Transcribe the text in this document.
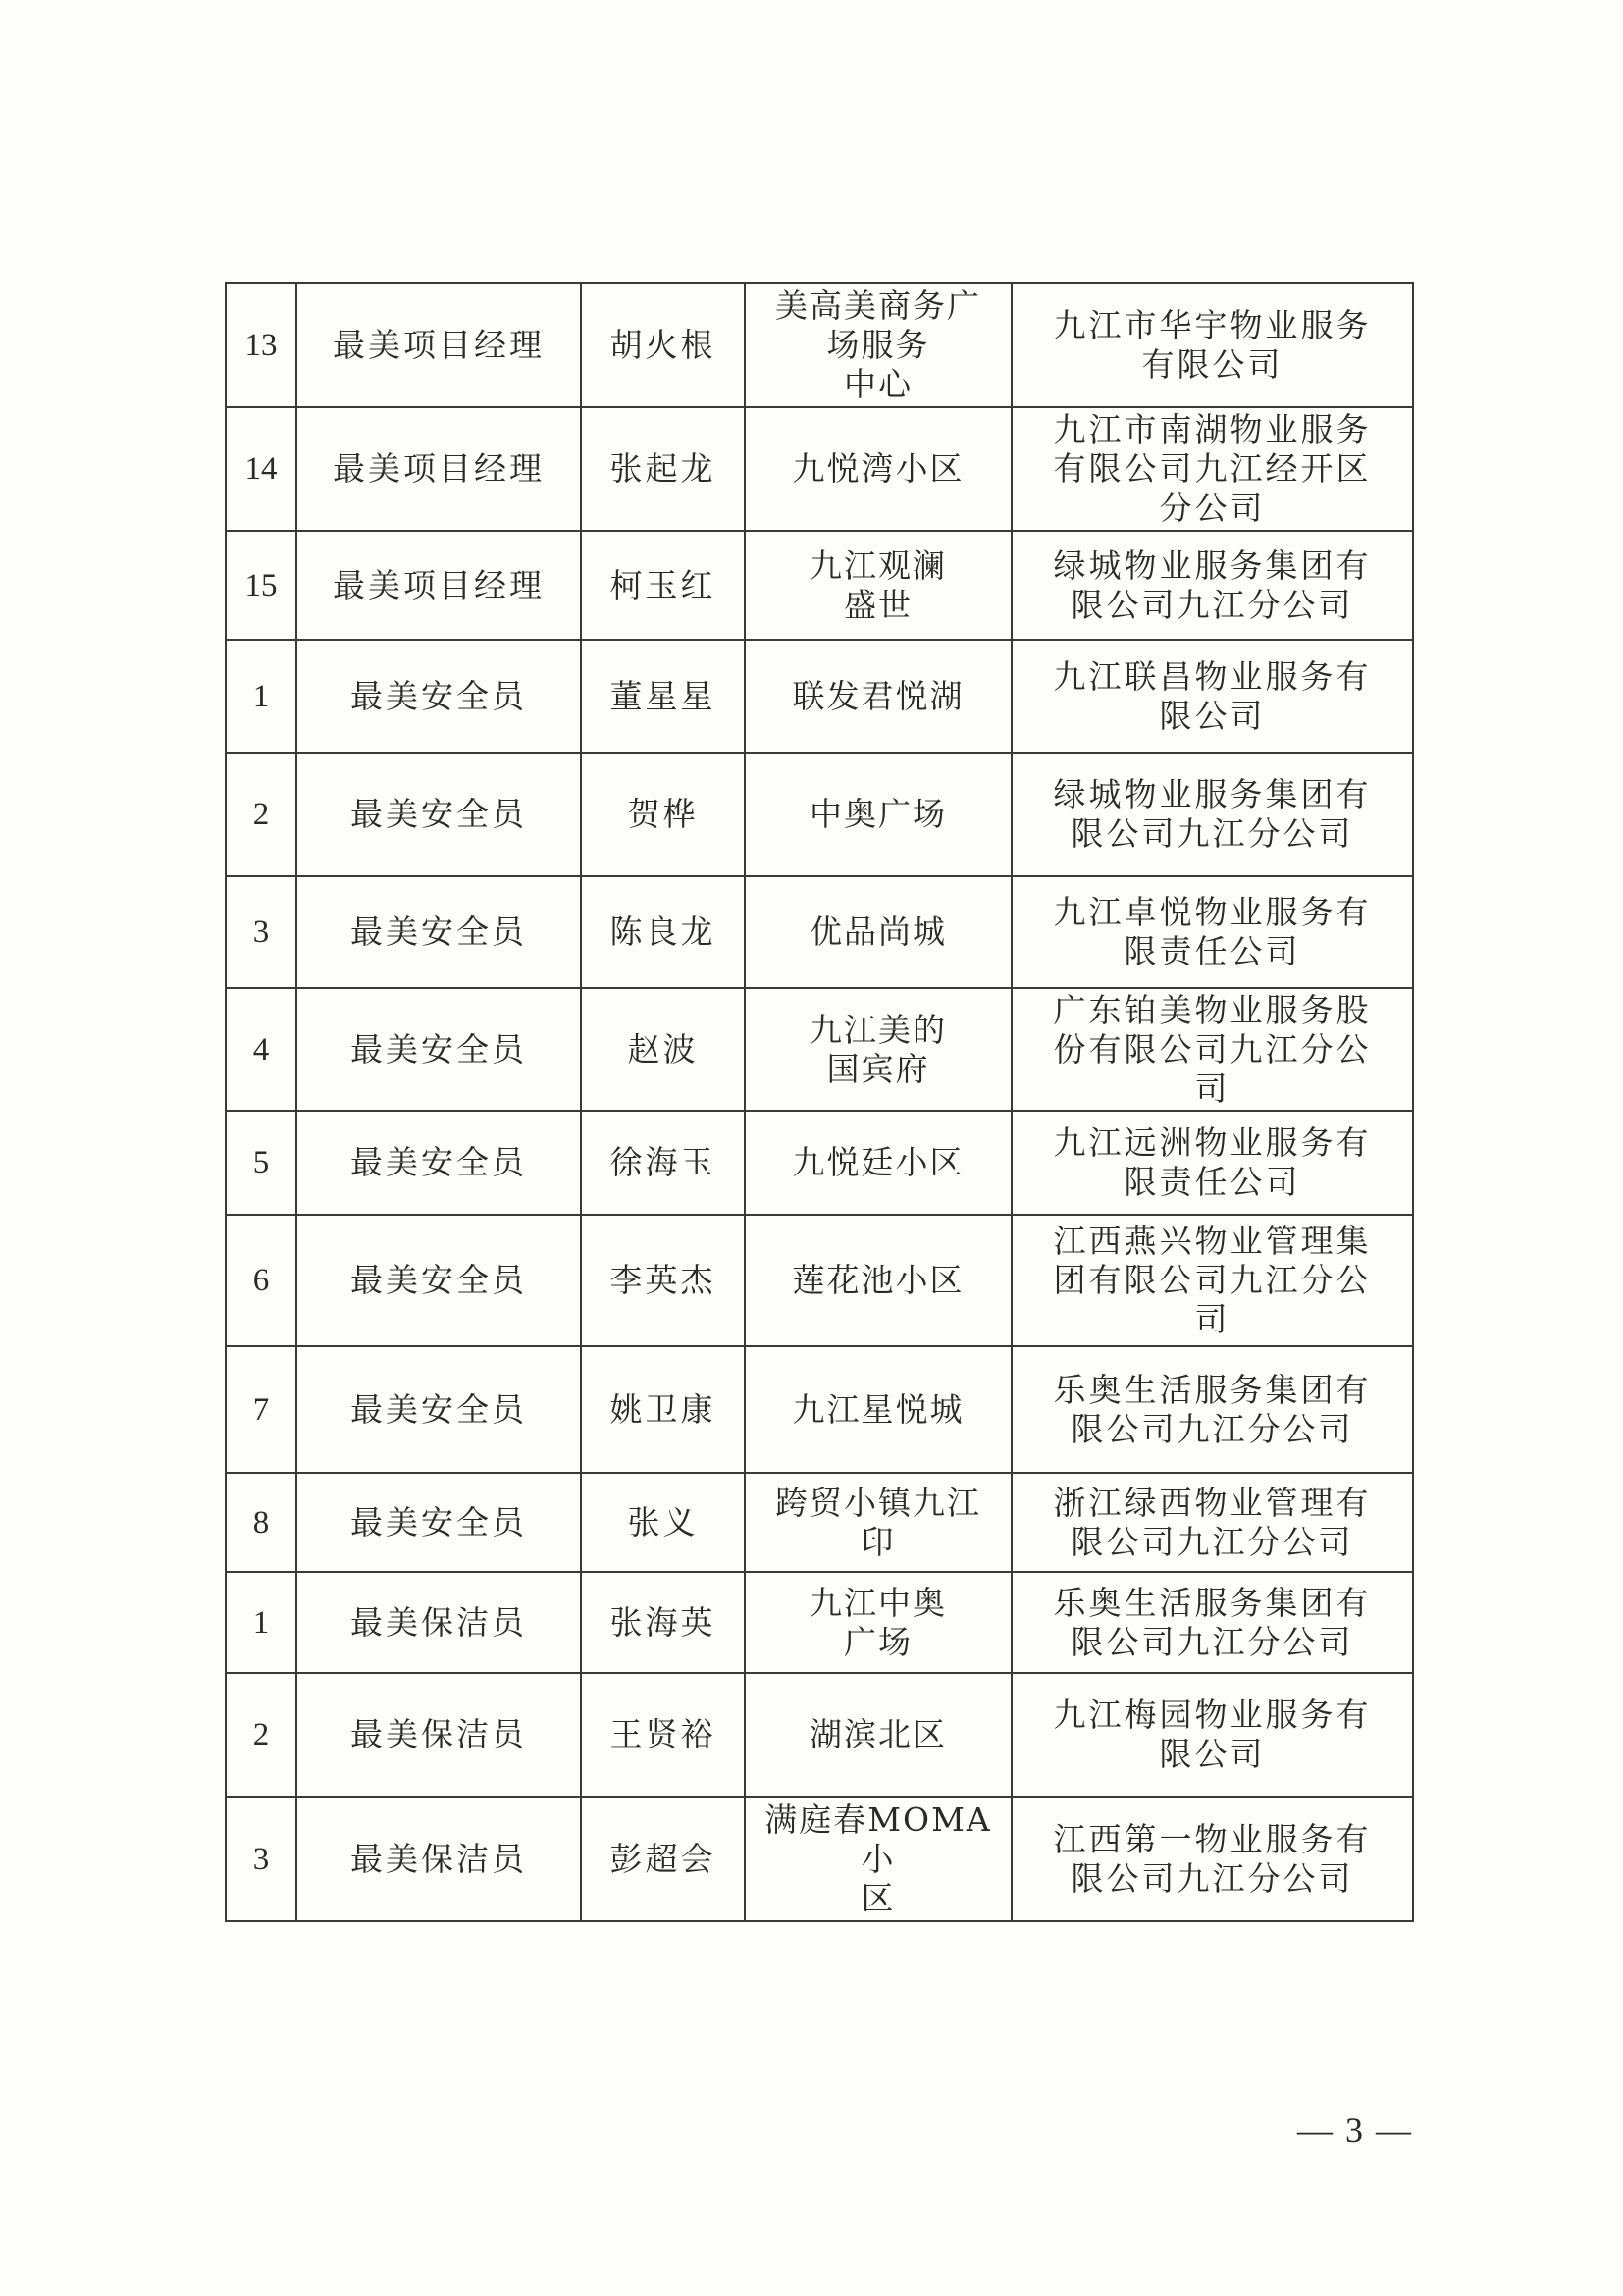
13	最美项目经理	胡火根	美高美商务广
场服务
中心	九江市华宇物业服务
有限公司

14	最美项目经理	张起龙	九悦湾小区	九江市南湖物业服务
有限公司九江经开区
分公司

15	最美项目经理	柯玉红	九江观澜
盛世	绿城物业服务集团有
限公司九江分公司

1	最美安全员	董星星	联发君悦湖	九江联昌物业服务有
限公司

2	最美安全员	贺桦	中奥广场	绿城物业服务集团有
限公司九江分公司

3	最美安全员	陈良龙	优品尚城	九江卓悦物业服务有
限责任公司

4	最美安全员	赵波	九江美的
国宾府	广东铂美物业服务股
份有限公司九江分公
司

5	最美安全员	徐海玉	九悦廷小区	九江远洲物业服务有
限责任公司

6	最美安全员	李英杰	莲花池小区	江西燕兴物业管理集
团有限公司九江分公
司

7	最美安全员	姚卫康	九江星悦城	乐奥生活服务集团有
限公司九江分公司

8	最美安全员	张义	跨贸小镇九江
印	浙江绿西物业管理有
限公司九江分公司

1	最美保洁员	张海英	九江中奥
广场	乐奥生活服务集团有
限公司九江分公司

2	最美保洁员	王贤裕	湖滨北区	九江梅园物业服务有
限公司

3	最美保洁员	彭超会	满庭春MOMA小
区	江西第一物业服务有
限公司九江分公司
— 3 —
